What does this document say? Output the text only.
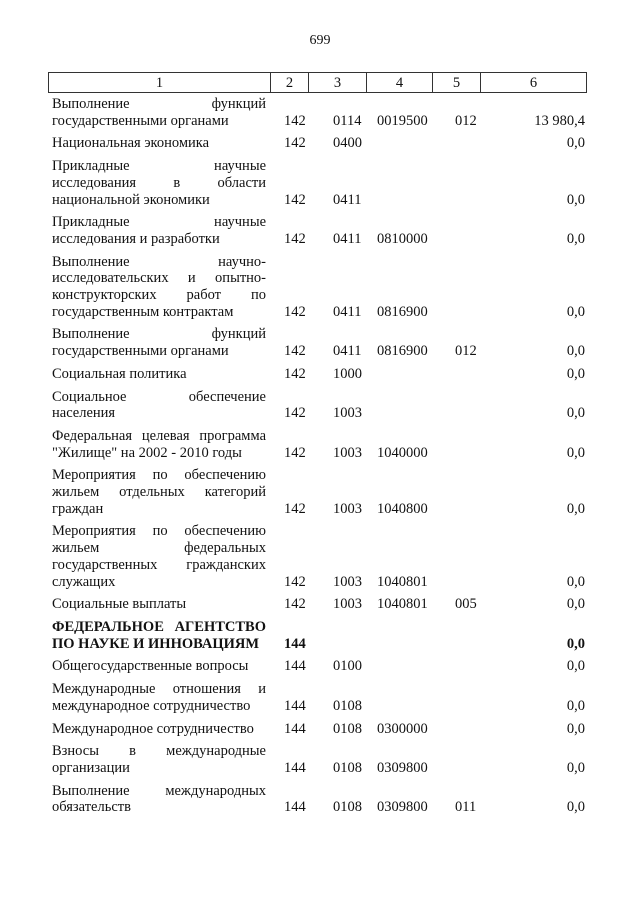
699
1	2	3	4	5	6
Выполнение функций
государственными органами	142 0114 0019500 012	13 980,4
Национальная экономика	142 0400	0,0
Прикладные научные
исследования в области
национальной экономики	142 0411	0,0
Прикладные научные
исследования и разработки	142 0411 0810000	0,0
Выполнение научно-
исследовательских и опытно-
конструкторских работ по
государственным контрактам	142 0411 0816900	0,0
Выполнение функций
государственными органами	142 0411 0816900 012	0,0
Социальная политика	142 1000	0,0
Социальное обеспечение
населения	142 1003	0,0
Федеральная целевая программа
"Жилище" на 2002 - 2010 годы	142 1003 1040000	0,0
Мероприятия по обеспечению
жильем отдельных категорий
граждан	142 1003 1040800	0,0
Мероприятия по обеспечению
жильем федеральных
государственных гражданских
служащих	142 1003 1040801	0,0
Социальные выплаты	142 1003 1040801 005	0,0
ФЕДЕРАЛЬНОЕ АГЕНТСТВО
ПО НАУКЕ И ИННОВАЦИЯМ	144	0,0
Общегосударственные вопросы	144 0100	0,0
Международные отношения и
международное сотрудничество	144 0108	0,0
Международное сотрудничество	144 0108 0300000	0,0
Взносы в международные
организации	144 0108 0309800	0,0
Выполнение международных
обязательств	144 0108 0309800 011	0,0
